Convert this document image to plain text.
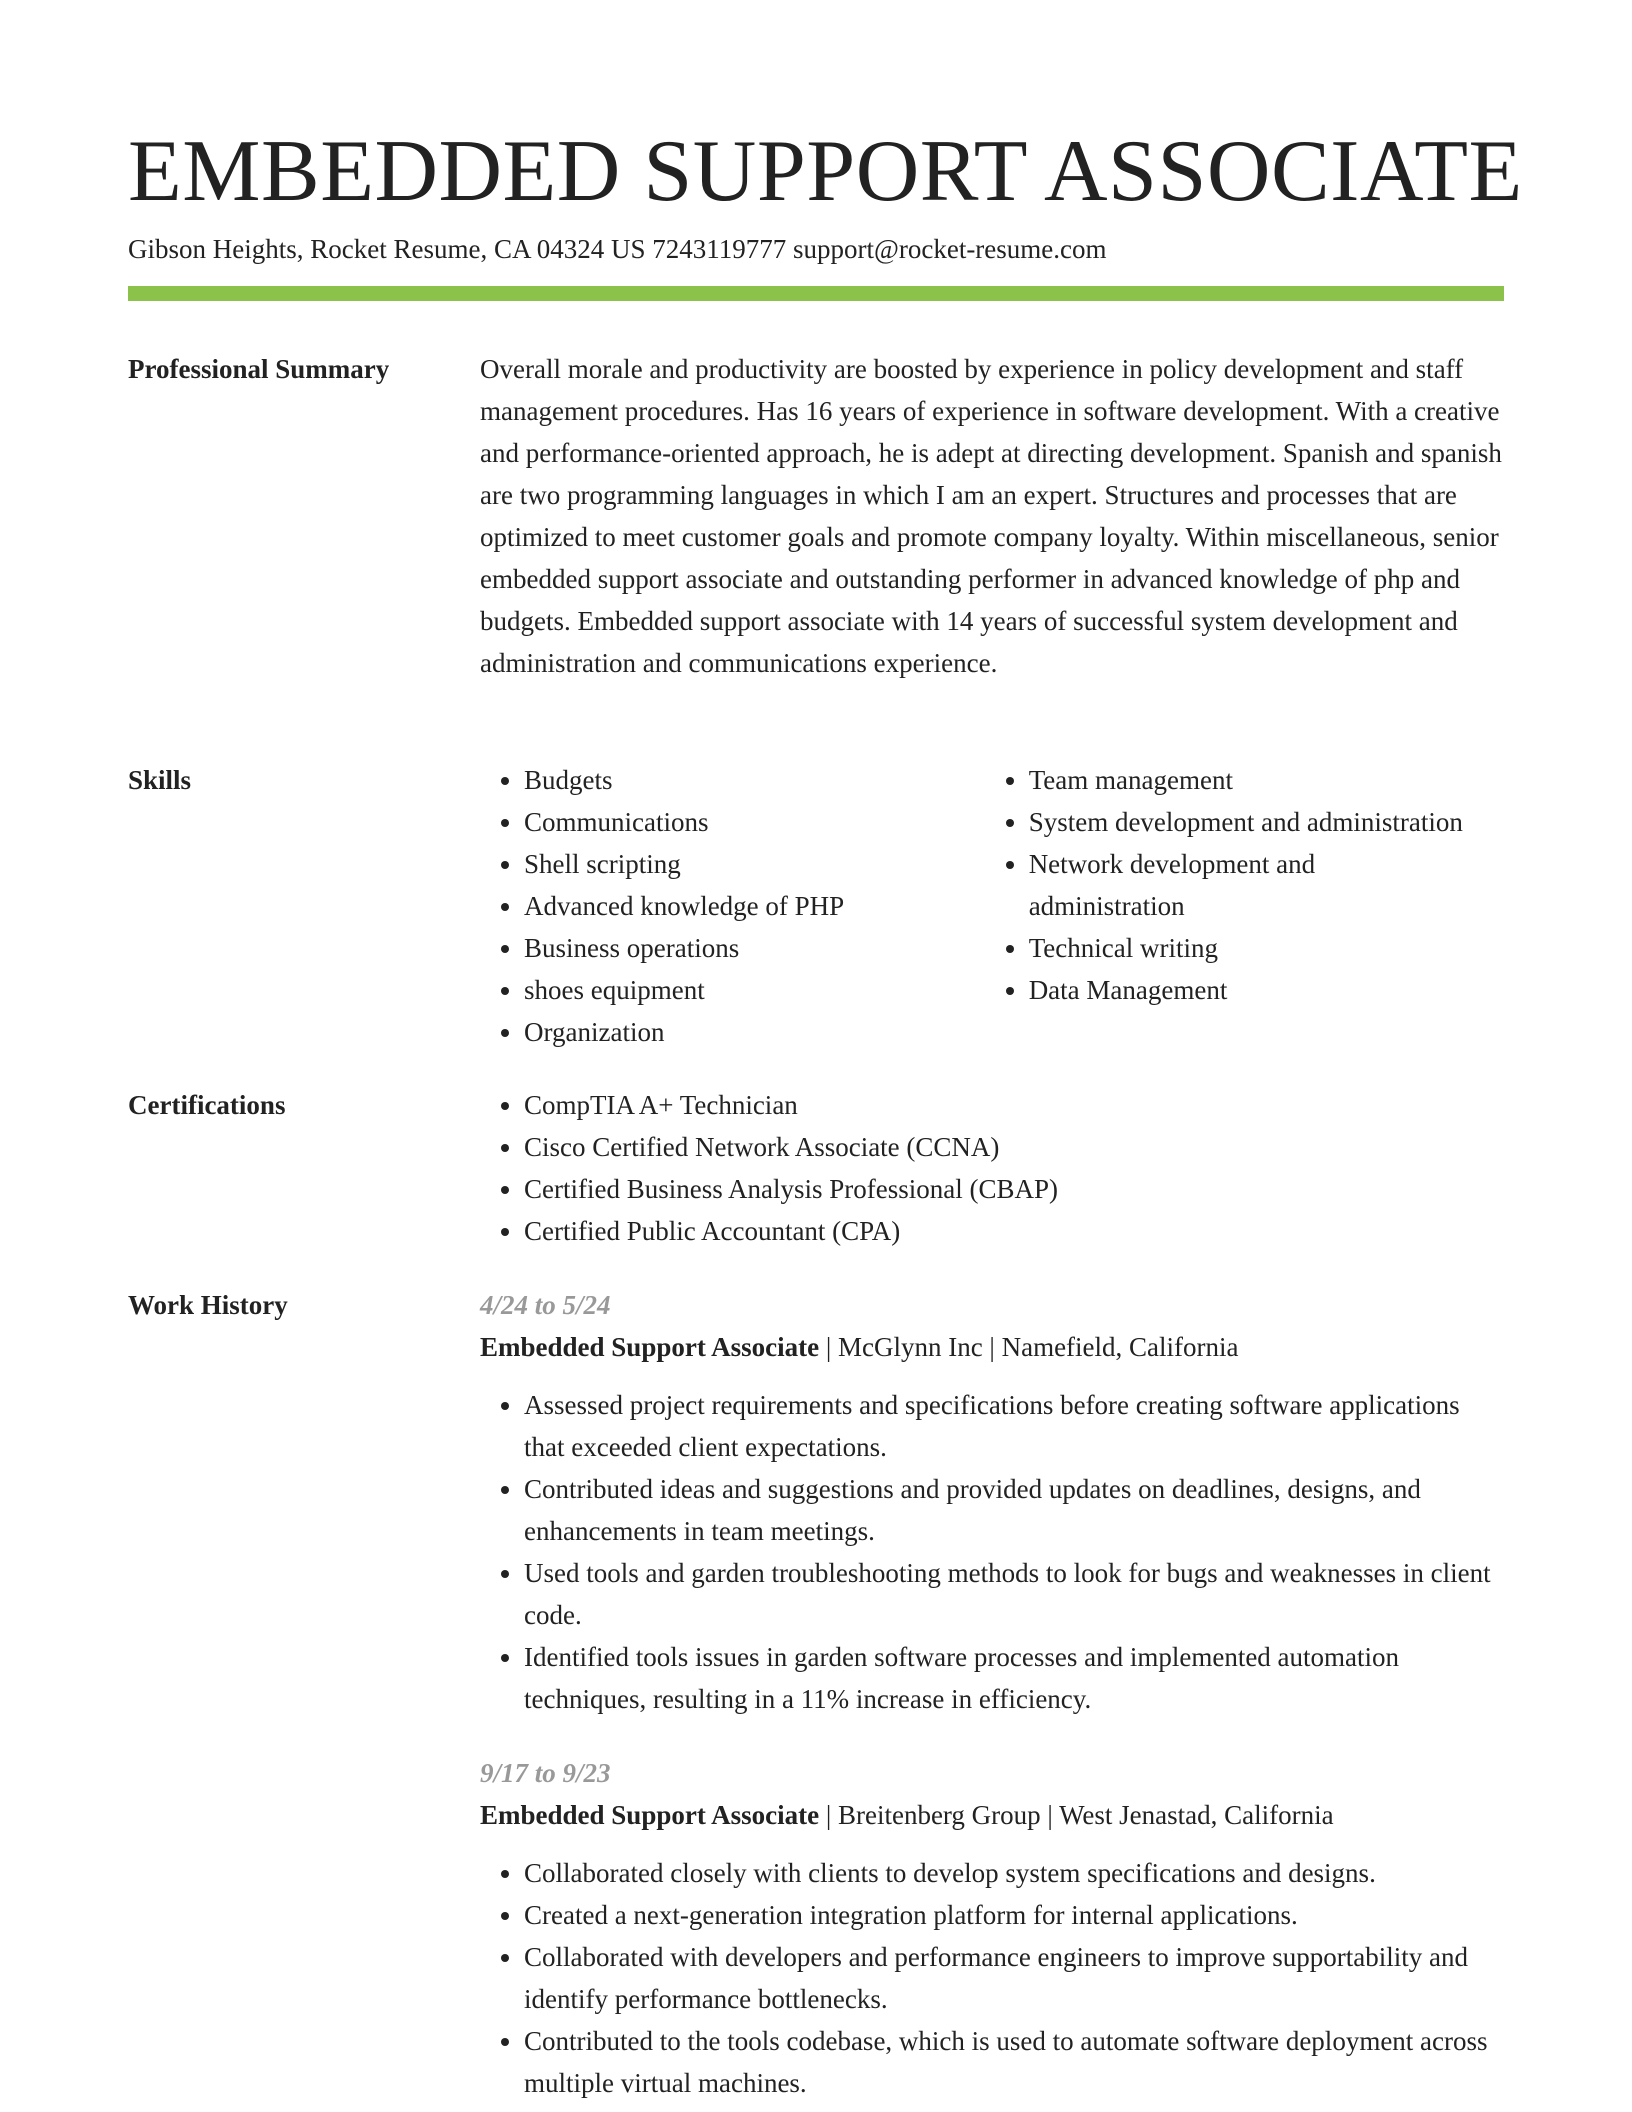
EMBEDDED SUPPORT ASSOCIATE
Gibson Heights, Rocket Resume, CA 04324 US 7243119777 support@rocket-resume.com
Professional Summary	Overall morale and productivity are boosted by experience in policy development and staff management procedures. Has 16 years of experience in software development. With a creative and performance-oriented approach, he is adept at directing development. Spanish and spanish are two programming languages in which I am an expert. Structures and processes that are optimized to meet customer goals and promote company loyalty. Within miscellaneous, senior embedded support associate and outstanding performer in advanced knowledge of php and budgets. Embedded support associate with 14 years of successful system development and administration and communications experience.

Skills	• Budgets
• Communications
• Shell scripting
• Advanced knowledge of PHP
• Business operations
• shoes equipment
• Organization
• Team management
• System development and administration
• Network development and administration
• Technical writing
• Data Management
Certifications	• CompTIA A+ Technician
• Cisco Certified Network Associate (CCNA)
• Certified Business Analysis Professional (CBAP)
• Certified Public Accountant (CPA)
Work History	4/24 to 5/24
Embedded Support Associate | McGlynn Inc | Namefield, California
• Assessed project requirements and specifications before creating software applications that exceeded client expectations.
• Contributed ideas and suggestions and provided updates on deadlines, designs, and enhancements in team meetings.
• Used tools and garden troubleshooting methods to look for bugs and weaknesses in client code.
• Identified tools issues in garden software processes and implemented automation techniques, resulting in a 11% increase in efficiency.
9/17 to 9/23
Embedded Support Associate | Breitenberg Group | West Jenastad, California
• Collaborated closely with clients to develop system specifications and designs.
• Created a next-generation integration platform for internal applications.
• Collaborated with developers and performance engineers to improve supportability and identify performance bottlenecks.
• Contributed to the tools codebase, which is used to automate software deployment across multiple virtual machines.
